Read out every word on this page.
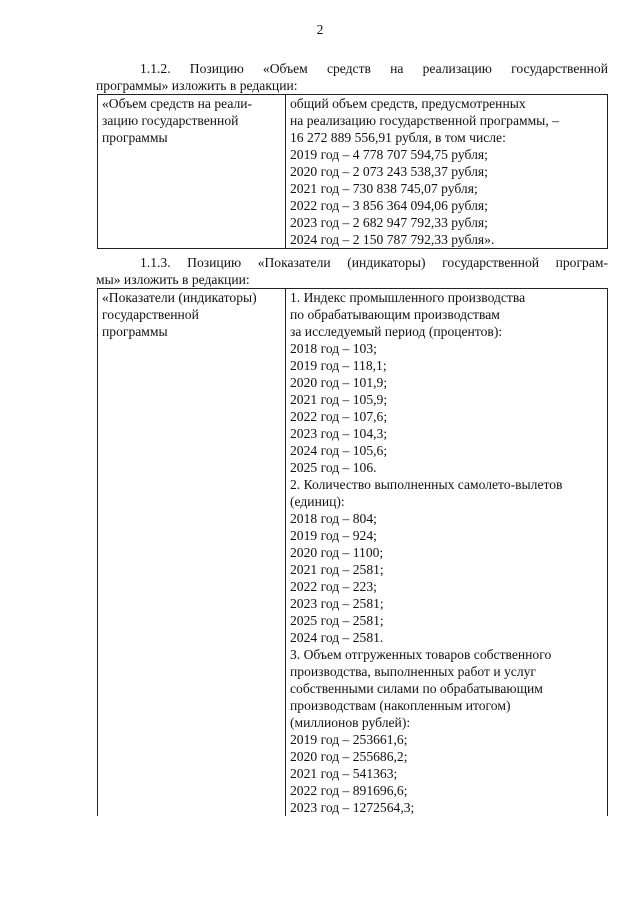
2
1.1.2. Позицию «Объем средств на реализацию государственной
программы» изложить в редакции:
«Объем средств на реали-
зацию государственной
программы

общий объем средств, предусмотренных
на реализацию государственной программы, –
16 272 889 556,91 рубля, в том числе:
2019 год – 4 778 707 594,75 рубля;
2020 год – 2 073 243 538,37 рубля;
2021 год – 730 838 745,07 рубля;
2022 год – 3 856 364 094,06 рубля;
2023 год – 2 682 947 792,33 рубля;
2024 год – 2 150 787 792,33 рубля».
1.1.3. Позицию «Показатели (индикаторы) государственной програм-
мы» изложить в редакции:
«Показатели (индикаторы)
государственной
программы

1. Индекс промышленного производства
по обрабатывающим производствам
за исследуемый период (процентов):
2018 год – 103;
2019 год – 118,1;
2020 год – 101,9;
2021 год – 105,9;
2022 год – 107,6;
2023 год – 104,3;
2024 год – 105,6;
2025 год – 106.
2. Количество выполненных самолето-вылетов
(единиц):
2018 год – 804;
2019 год – 924;
2020 год – 1100;
2021 год – 2581;
2022 год – 223;
2023 год – 2581;
2025 год – 2581;
2024 год – 2581.
3. Объем отгруженных товаров собственного
производства, выполненных работ и услуг
собственными силами по обрабатывающим
производствам (накопленным итогом)
(миллионов рублей):
2019 год – 253661,6;
2020 год – 255686,2;
2021 год – 541363;
2022 год – 891696,6;
2023 год – 1272564,3;
